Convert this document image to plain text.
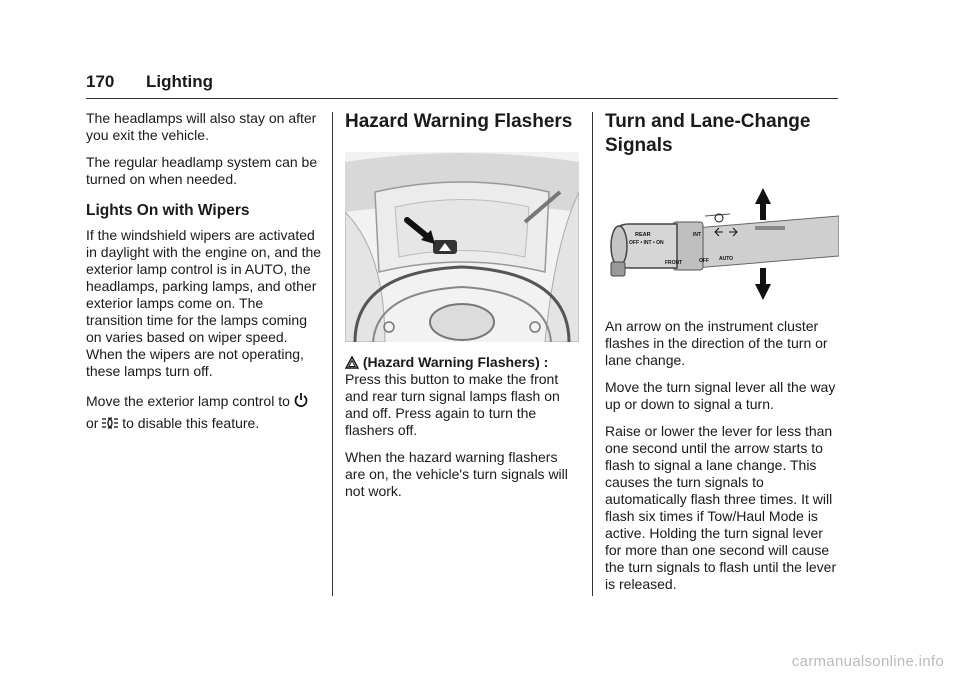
170 Lighting

The headlamps will also stay on after you exit the vehicle.

The regular headlamp system can be turned on when needed.

Lights On with Wipers

If the windshield wipers are activated in daylight with the engine on, and the exterior lamp control is in AUTO, the headlamps, parking lamps, and other exterior lamps come on. The transition time for the lamps coming on varies based on wiper speed. When the wipers are not operating, these lamps turn off.

Move the exterior lamp control to
or to disable this feature.

Hazard Warning Flashers

(Hazard Warning Flashers) : Press this button to make the front and rear turn signal lamps flash on and off. Press again to turn the flashers off.

When the hazard warning flashers are on, the vehicle's turn signals will not work.

Turn and Lane-Change Signals
REAR
OFF • INT • ON
FRONT
INT
OFF AUTO

An arrow on the instrument cluster flashes in the direction of the turn or lane change.

Move the turn signal lever all the way up or down to signal a turn.

Raise or lower the lever for less than one second until the arrow starts to flash to signal a lane change. This causes the turn signals to automatically flash three times. It will flash six times if Tow/Haul Mode is active. Holding the turn signal lever for more than one second will cause the turn signals to flash until the lever is released.

carmanualsonline.info
